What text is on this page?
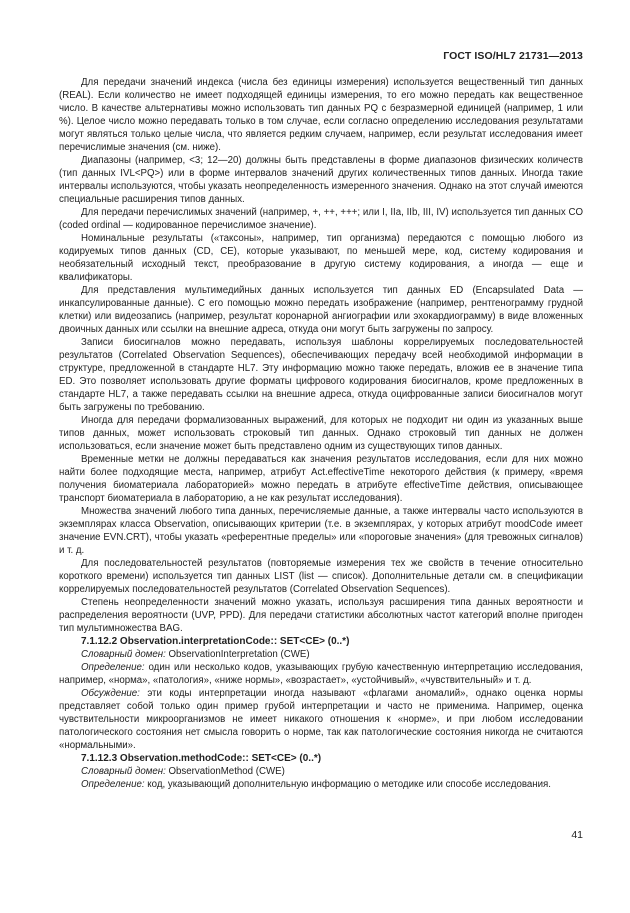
ГОСТ ISO/HL7 21731—2013

Для передачи значений индекса (числа без единицы измерения) используется вещественный тип данных (REAL). Если количество не имеет подходящей единицы измерения, то его можно передать как вещественное число. В качестве альтернативы можно использовать тип данных PQ с безразмерной единицей (например, 1 или %). Целое число можно передавать только в том случае, если согласно определению исследования результатами могут являться только целые числа, что является редким случаем, например, если результат исследования имеет перечислимые значения (см. ниже).

Диапазоны (например, <3; 12—20) должны быть представлены в форме диапазонов физических количеств (тип данных IVL<PQ>) или в форме интервалов значений других количественных типов данных. Иногда такие интервалы используются, чтобы указать неопределенность измеренного значения. Однако на этот случай имеются специальные расширения типов данных.

Для передачи перечислимых значений (например, +, ++, +++; или I, IIa, IIb, III, IV) используется тип данных CO (coded ordinal — кодированное перечислимое значение).

Номинальные результаты («таксоны», например, тип организма) передаются с помощью любого из кодируемых типов данных (CD, CE), которые указывают, по меньшей мере, код, систему кодирования и необязательный исходный текст, преобразование в другую систему кодирования, а иногда — еще и квалификаторы.

Для представления мультимедийных данных используется тип данных ED (Encapsulated Data — инкапсулированные данные). С его помощью можно передать изображение (например, рентгенограмму грудной клетки) или видеозапись (например, результат коронарной ангиографии или эхокардиограмму) в виде вложенных двоичных данных или ссылки на внешние адреса, откуда они могут быть загружены по запросу.

Записи биосигналов можно передавать, используя шаблоны коррелируемых последовательностей результатов (Correlated Observation Sequences), обеспечивающих передачу всей необходимой информации в структуре, предложенной в стандарте HL7. Эту информацию можно также передать, вложив ее в значение типа ED. Это позволяет использовать другие форматы цифрового кодирования биосигналов, кроме предложенных в стандарте HL7, а также передавать ссылки на внешние адреса, откуда оцифрованные записи биосигналов могут быть загружены по требованию.

Иногда для передачи формализованных выражений, для которых не подходит ни один из указанных выше типов данных, может использовать строковый тип данных. Однако строковый тип данных не должен использоваться, если значение может быть представлено одним из существующих типов данных.

Временные метки не должны передаваться как значения результатов исследования, если для них можно найти более подходящие места, например, атрибут Act.effectiveTime некоторого действия (к примеру, «время получения биоматериала лабораторией» можно передать в атрибуте effectiveTime действия, описывающее транспорт биоматериала в лабораторию, а не как результат исследования).

Множества значений любого типа данных, перечисляемые данные, а также интервалы часто используются в экземплярах класса Observation, описывающих критерии (т.е. в экземплярах, у которых атрибут moodCode имеет значение EVN.CRT), чтобы указать «референтные пределы» или «пороговые значения» (для тревожных сигналов) и т. д.

Для последовательностей результатов (повторяемые измерения тех же свойств в течение относительно короткого времени) используется тип данных LIST (list — список). Дополнительные детали см. в спецификации коррелируемых последовательностей результатов (Correlated Observation Sequences).

Степень неопределенности значений можно указать, используя расширения типа данных вероятности и распределения вероятности (UVP, PPD). Для передачи статистики абсолютных частот категорий вполне пригоден тип мультимножества BAG.

7.1.12.2 Observation.interpretationCode:: SET<CE> (0..*)

Словарный домен: ObservationInterpretation (CWE)

Определение: один или несколько кодов, указывающих грубую качественную интерпретацию исследования, например, «норма», «патология», «ниже нормы», «возрастает», «устойчивый», «чувствительный» и т. д.

Обсуждение: эти коды интерпретации иногда называют «флагами аномалий», однако оценка нормы представляет собой только один пример грубой интерпретации и часто не применима. Например, оценка чувствительности микроорганизмов не имеет никакого отношения к «норме», и при любом исследовании патологического состояния нет смысла говорить о норме, так как патологические состояния никогда не считаются «нормальными».

7.1.12.3 Observation.methodCode:: SET<CE> (0..*)

Словарный домен: ObservationMethod (CWE)

Определение: код, указывающий дополнительную информацию о методике или способе исследования.

41
